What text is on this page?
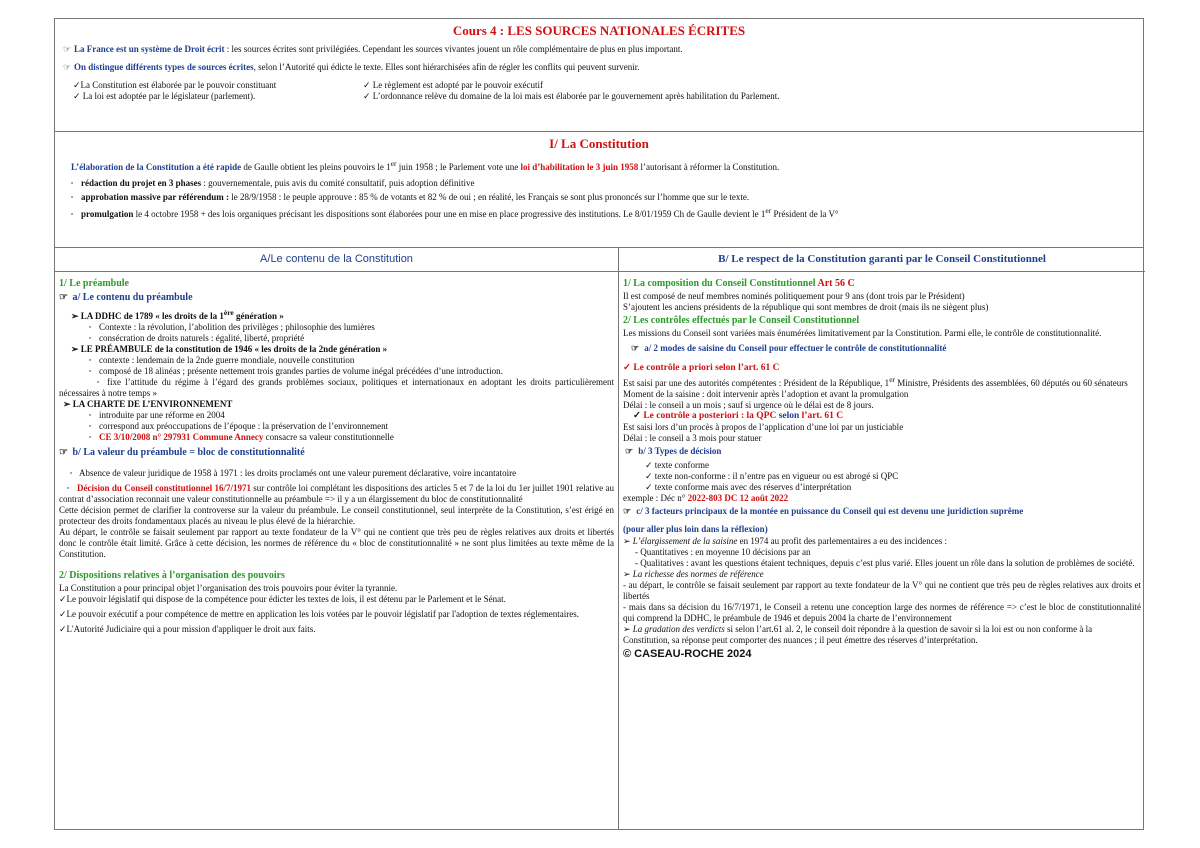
Cours 4 : LES SOURCES NATIONALES ÉCRITES
☞ La France est un système de Droit écrit : les sources écrites sont privilégiées. Cependant les sources vivantes jouent un rôle complémentaire de plus en plus important.
☞ On distingue différents types de sources écrites, selon l’Autorité qui édicte le texte. Elles sont hiérarchisées afin de régler les conflits qui peuvent survenir.
✓La Constitution est élaborée par le pouvoir constituant	✓ Le règlement est adopté par le pouvoir exécutif
✓ La loi est adoptée par le législateur (parlement).	✓ L’ordonnance relève du domaine de la loi mais est élaborée par le gouvernement après habilitation du Parlement.
I/ La Constitution
L’élaboration de la Constitution a été rapide de Gaulle obtient les pleins pouvoirs le 1er juin 1958 ; le Parlement vote une loi d’habilitation le 3 juin 1958 l’autorisant à réformer la Constitution.
▫ rédaction du projet en 3 phases : gouvernementale, puis avis du comité consultatif, puis adoption définitive
▫ approbation massive par référendum : le 28/9/1958 : le peuple approuve : 85 % de votants et 82 % de oui ; en réalité, les Français se sont plus prononcés sur l’homme que sur le texte.
▫ promulgation le 4 octobre 1958 + des lois organiques précisant les dispositions sont élaborées pour une en mise en place progressive des institutions. Le 8/01/1959 Ch de Gaulle devient le 1er Président de la V°
A/Le contenu de la Constitution
1/ Le préambule
☞ a/ Le contenu du préambule
➢ LA DDHC de 1789 « les droits de la 1ère génération »
▫ Contexte : la révolution, l’abolition des privilèges ; philosophie des lumières
▫ consécration de droits naturels : égalité, liberté, propriété
➢ LE PRÉAMBULE de la constitution de 1946 « les droits de la 2nde génération »
▫ contexte : lendemain de la 2nde guerre mondiale, nouvelle constitution
▫ composé de 18 alinéas ; présente nettement trois grandes parties de volume inégal précédées d’une introduction.
▫ fixe l’attitude du régime à l’égard des grands problèmes sociaux, politiques et internationaux en adoptant les droits particulièrement nécessaires à notre temps »
➢ LA CHARTE DE L’ENVIRONNEMENT
▫ introduite par une réforme en 2004
▫ correspond aux préoccupations de l’époque : la préservation de l’environnement
▫ CE 3/10/2008 n° 297931 Commune Annecy consacre sa valeur constitutionnelle
☞ b/ La valeur du préambule = bloc de constitutionnalité
▫ Absence de valeur juridique de 1958 à 1971 : les droits proclamés ont une valeur purement déclarative, voire incantatoire
▫ Décision du Conseil constitutionnel 16/7/1971 sur contrôle loi complétant les dispositions des articles 5 et 7 de la loi du 1er juillet 1901 relative au contrat d’association reconnait une valeur constitutionnelle au préambule => il y a un élargissement du bloc de constitutionnalité
Cette décision permet de clarifier la controverse sur la valeur du préambule. Le conseil constitutionnel, seul interprète de la Constitution, s’est érigé en protecteur des droits fondamentaux placés au niveau le plus élevé de la hiérarchie.
Au départ, le contrôle se faisait seulement par rapport au texte fondateur de la V° qui ne contient que très peu de règles relatives aux droits et libertés donc le contrôle était limité. Grâce à cette décision, les normes de référence du « bloc de constitutionnalité » ne sont plus limitées au texte même de la Constitution.
2/ Dispositions relatives à l’organisation des pouvoirs
La Constitution a pour principal objet l’organisation des trois pouvoirs pour éviter la tyrannie.
✓Le pouvoir législatif qui dispose de la compétence pour édicter les textes de lois, il est détenu par le Parlement et le Sénat.
✓Le pouvoir exécutif a pour compétence de mettre en application les lois votées par le pouvoir législatif par l'adoption de textes réglementaires.
✓L'Autorité Judiciaire qui a pour mission d'appliquer le droit aux faits.
B/ Le respect de la Constitution garanti par le Conseil Constitutionnel
1/ La composition du Conseil Constitutionnel Art 56 C
Il est composé de neuf membres nominés politiquement pour 9 ans (dont trois par le Président)
S’ajoutent les anciens présidents de la république qui sont membres de droit (mais ils ne siègent plus)
2/ Les contrôles effectués par le Conseil Constitutionnel
Les missions du Conseil sont variées mais énumérées limitativement par la Constitution. Parmi elle, le contrôle de constitutionnalité.
☞ a/ 2 modes de saisine du Conseil pour effectuer le contrôle de constitutionnalité
✓ Le contrôle a priori selon l’art. 61 C
Est saisi par une des autorités compétentes : Président de la République, 1er Ministre, Présidents des assemblées, 60 députés ou 60 sénateurs
Moment de la saisine : doit intervenir après l’adoption et avant la promulgation
Délai : le conseil a un mois ; sauf si urgence où le délai est de 8 jours.
✓ Le contrôle a posteriori : la QPC selon l’art. 61 C
Est saisi lors d’un procès à propos de l’application d’une loi par un justiciable
Délai : le conseil a 3 mois pour statuer
☞ b/ 3 Types de décision
✓ texte conforme
✓ texte non-conforme : il n’entre pas en vigueur ou est abrogé si QPC
✓ texte conforme mais avec des réserves d’interprétation
exemple : Déc n° 2022-803 DC 12 août 2022
☞ c/ 3 facteurs principaux de la montée en puissance du Conseil qui est devenu une juridiction suprême
(pour aller plus loin dans la réflexion)
➢ L’élargissement de la saisine en 1974 au profit des parlementaires a eu des incidences :
- Quantitatives : en moyenne 10 décisions par an
- Qualitatives : avant les questions étaient techniques, depuis c’est plus varié. Elles jouent un rôle dans la solution de problèmes de société.
➢ La richesse des normes de référence
- au départ, le contrôle se faisait seulement par rapport au texte fondateur de la V° qui ne contient que très peu de règles relatives aux droits et libertés
- mais dans sa décision du 16/7/1971, le Conseil a retenu une conception large des normes de référence => c’est le bloc de constitutionnalité qui comprend la DDHC, le préambule de 1946 et depuis 2004 la charte de l’environnement
➢ La gradation des verdicts si selon l’art.61 al. 2, le conseil doit répondre à la question de savoir si la loi est ou non conforme à la Constitution, sa réponse peut comporter des nuances ; il peut émettre des réserves d’interprétation.
© CASEAU-ROCHE 2024
